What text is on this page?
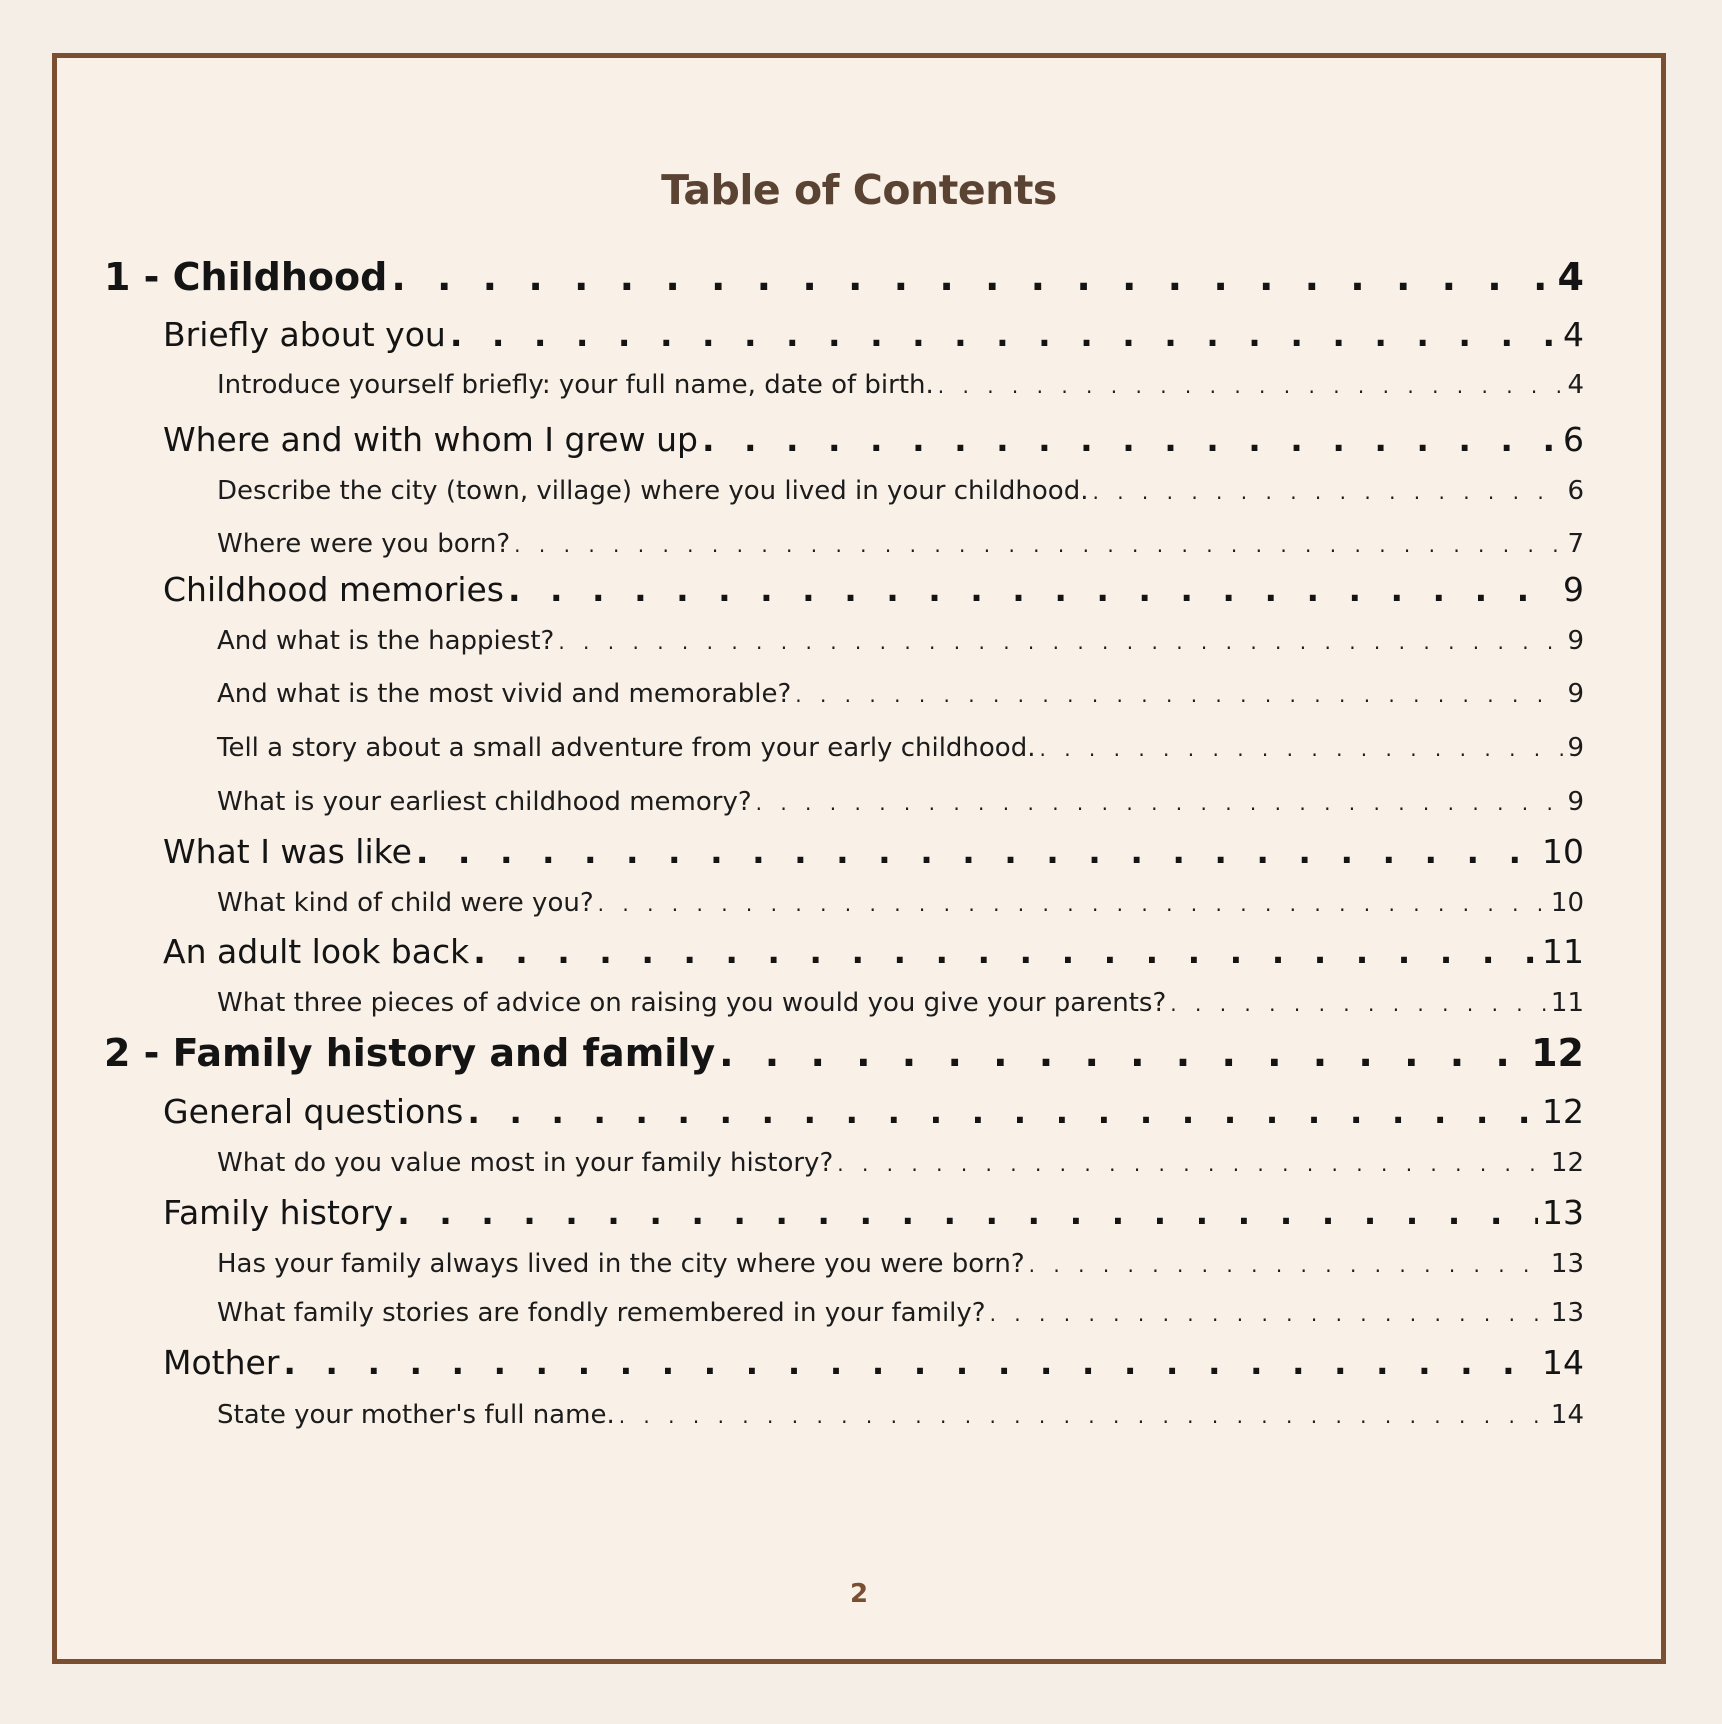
Table of Contents
1 - Childhood . . .	4
Briefly about you . . .	4
Introduce yourself briefly: your full name, date of birth. . . .	4
Where and with whom I grew up . . .	6
Describe the city (town, village) where you lived in your childhood. . . .	6
Where were you born? . . .	7
Childhood memories . . .	9
And what is the happiest? . . .	9
And what is the most vivid and memorable? . . .	9
Tell a story about a small adventure from your early childhood. . . .	9
What is your earliest childhood memory? . . .	9
What I was like . . .	10
What kind of child were you? . . .	10
An adult look back . . .	11
What three pieces of advice on raising you would you give your parents? . . .	11
2 - Family history and family . . .	12
General questions . . .	12
What do you value most in your family history? . . .	12
Family history . . .	13
Has your family always lived in the city where you were born? . . .	13
What family stories are fondly remembered in your family? . . .	13
Mother . . .	14
State your mother's full name. . . .	14
2
